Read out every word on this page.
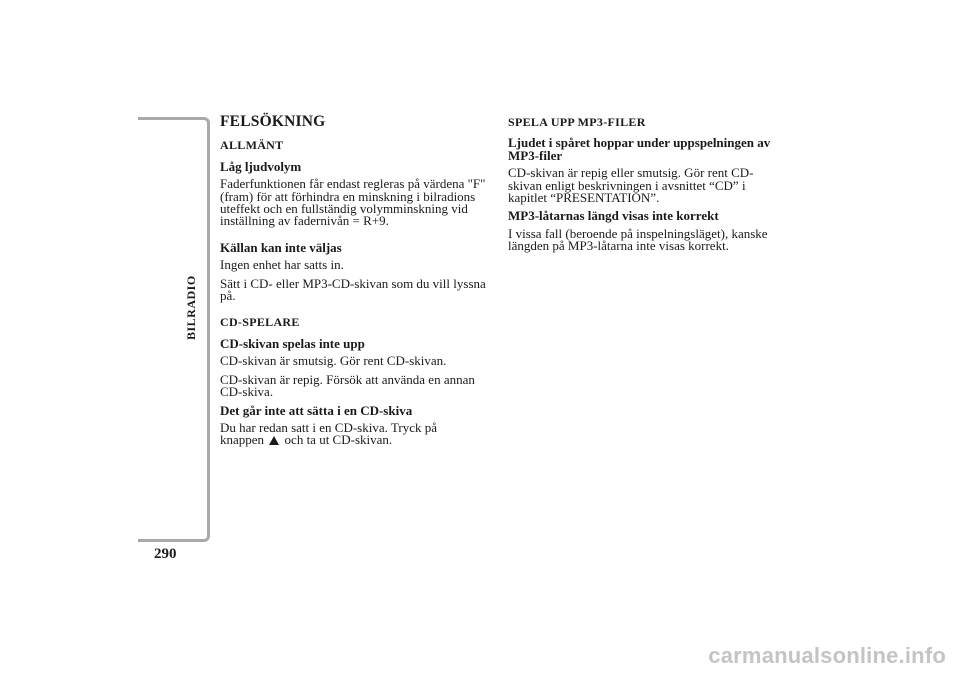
BILRADIO
290
FELSÖKNING
ALLMÄNT
Låg ljudvolym
Faderfunktionen får endast regleras på värdena "F" (fram) för att förhindra en minskning i bilradions uteffekt och en fullständig volymminskning vid inställning av fadernivån = R+9.
Källan kan inte väljas
Ingen enhet har satts in.
Sätt i CD- eller MP3-CD-skivan som du vill lyssna på.
CD-SPELARE
CD-skivan spelas inte upp
CD-skivan är smutsig. Gör rent CD-skivan.
CD-skivan är repig. Försök att använda en annan CD-skiva.
Det går inte att sätta i en CD-skiva
Du har redan satt i en CD-skiva. Tryck på
knappen och ta ut CD-skivan.
SPELA UPP MP3-FILER
Ljudet i spåret hoppar under uppspelningen av MP3-filer
CD-skivan är repig eller smutsig. Gör rent CD-skivan enligt beskrivningen i avsnittet “CD” i kapitlet “PRESENTATION”.
MP3-låtarnas längd visas inte korrekt
I vissa fall (beroende på inspelningsläget), kanske längden på MP3-låtarna inte visas korrekt.
carmanualsonline.info
